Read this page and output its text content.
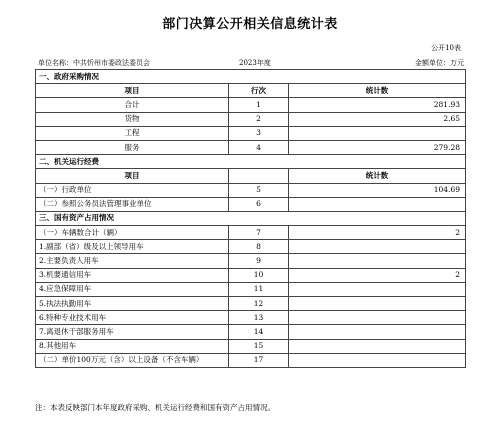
部门决算公开相关信息统计表
公开10表
单位名称：中共忻州市委政法委员会	2023年度	金额单位：万元
一、政府采购情况		
项目	行次	统计数
合计	1	281.93
货物	2	2.65
工程	3	
服务	4	279.28
二、机关运行经费		
项目		统计数
（一）行政单位	5	104.69
（二）参照公务员法管理事业单位	6	
三、国有资产占用情况		
（一）车辆数合计（辆）	7	2
1.副部（省）级及以上领导用车	8	
2.主要负责人用车	9	
3.机要通信用车	10	2
4.应急保障用车	11	
5.执法执勤用车	12	
6.特种专业技术用车	13	
7.离退休干部服务用车	14	
8.其他用车	15	
（二）单价100万元（含）以上设备（不含车辆）	17	
注：本表反映部门本年度政府采购、机关运行经费和国有资产占用情况。
